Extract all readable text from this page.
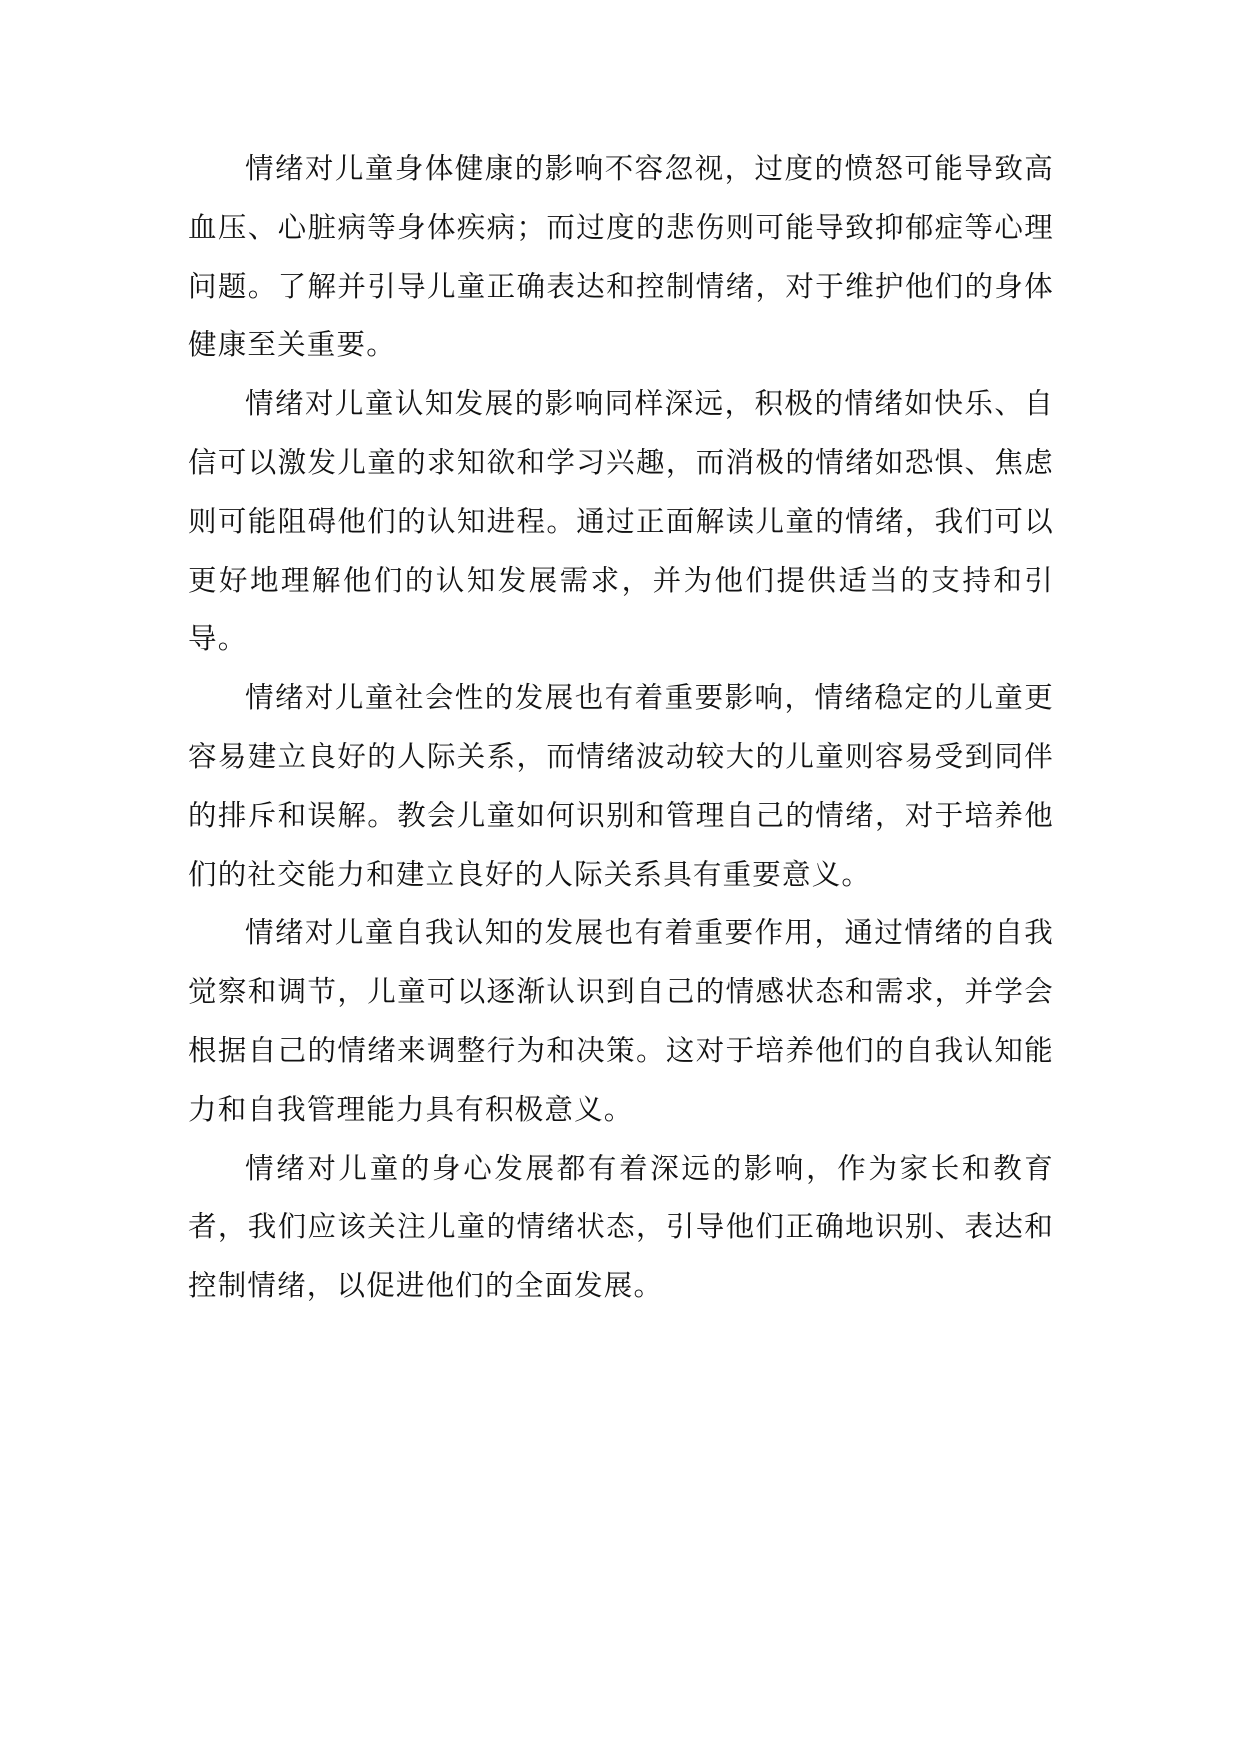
情绪对儿童身体健康的影响不容忽视，过度的愤怒可能导致高血压、心脏病等身体疾病；而过度的悲伤则可能导致抑郁症等心理问题。了解并引导儿童正确表达和控制情绪，对于维护他们的身体健康至关重要。

情绪对儿童认知发展的影响同样深远，积极的情绪如快乐、自信可以激发儿童的求知欲和学习兴趣，而消极的情绪如恐惧、焦虑则可能阻碍他们的认知进程。通过正面解读儿童的情绪，我们可以更好地理解他们的认知发展需求，并为他们提供适当的支持和引导。

情绪对儿童社会性的发展也有着重要影响，情绪稳定的儿童更容易建立良好的人际关系，而情绪波动较大的儿童则容易受到同伴的排斥和误解。教会儿童如何识别和管理自己的情绪，对于培养他们的社交能力和建立良好的人际关系具有重要意义。

情绪对儿童自我认知的发展也有着重要作用，通过情绪的自我觉察和调节，儿童可以逐渐认识到自己的情感状态和需求，并学会根据自己的情绪来调整行为和决策。这对于培养他们的自我认知能力和自我管理能力具有积极意义。

情绪对儿童的身心发展都有着深远的影响，作为家长和教育者，我们应该关注儿童的情绪状态，引导他们正确地识别、表达和控制情绪，以促进他们的全面发展。
